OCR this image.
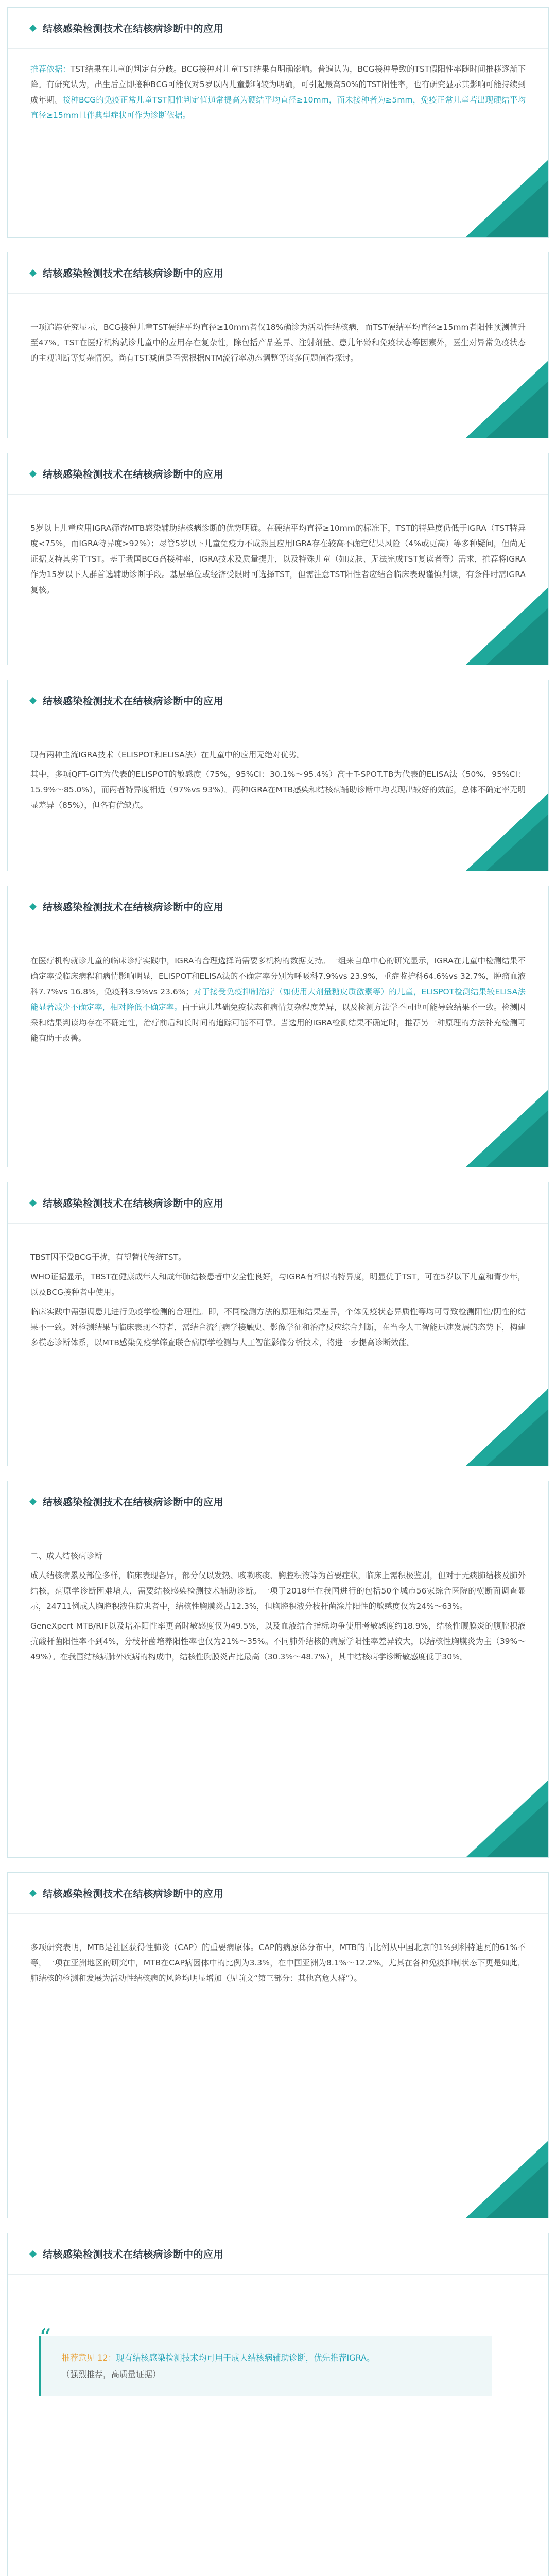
结核感染检测技术在结核病诊断中的应用

推荐依据：TST结果在儿童的判定有分歧。BCG接种对儿童TST结果有明确影响。普遍认为，BCG接种导致的TST假阳性率随时间推移逐渐下降。有研究认为，出生后立即接种BCG可能仅对5岁以内儿童影响较为明确，可引起最高50%的TST阳性率，也有研究显示其影响可能持续到成年期。接种BCG的免疫正常儿童TST阳性判定值通常提高为硬结平均直径≥10mm，而未接种者为≥5mm，免疫正常儿童若出现硬结平均直径≥15mm且伴典型症状可作为诊断依据。

结核感染检测技术在结核病诊断中的应用

一项追踪研究显示，BCG接种儿童TST硬结平均直径≥10mm者仅18%确诊为活动性结核病，而TST硬结平均直径≥15mm者阳性预测值升至47%。TST在医疗机构就诊儿童中的应用存在复杂性，除包括产品差异、注射剂量、患儿年龄和免疫状态等因素外，医生对异常免疫状态的主观判断等复杂情况。尚有TST减值是否需根据NTM流行率动态调整等诸多问题值得探讨。

结核感染检测技术在结核病诊断中的应用

5岁以上儿童应用IGRA筛查MTB感染辅助结核病诊断的优势明确。在硬结平均直径≥10mm的标准下，TST的特异度仍低于IGRA（TST特异度<75%，而IGRA特异度>92%）；尽管5岁以下儿童免疫力不成熟且应用IGRA存在较高不确定结果风险（4%或更高）等多种疑问，但尚无证据支持其劣于TST。基于我国BCG高接种率，IGRA技术及质量提升，以及特殊儿童（如皮肤、无法完成TST复读者等）需求，推荐将IGRA作为15岁以下人群首选辅助诊断手段。基层单位或经济受限时可选择TST，但需注意TST阳性者应结合临床表现谨慎判读，有条件时需IGRA复核。

结核感染检测技术在结核病诊断中的应用

现有两种主流IGRA技术（ELISPOT和ELISA法）在儿童中的应用无绝对优劣。

其中，多项QFT-GIT为代表的ELISPOT的敏感度（75%，95%CI：30.1%～95.4%）高于T-SPOT.TB为代表的ELISA法（50%，95%CI：15.9%～85.0%），而两者特异度相近（97%vs 93%）。两种IGRA在MTB感染和结核病辅助诊断中均表现出较好的效能，总体不确定率无明显差异（85%），但各有优缺点。

结核感染检测技术在结核病诊断中的应用

在医疗机构就诊儿童的临床诊疗实践中，IGRA的合理选择尚需要多机构的数据支持。一组来自单中心的研究显示，IGRA在儿童中检测结果不确定率受临床病程和病情影响明显，ELISPOT和ELISA法的不确定率分别为呼吸科7.9%vs 23.9%，重症监护科64.6%vs 32.7%，肿瘤血液科7.7%vs 16.8%，免疫科3.9%vs 23.6%；对于接受免疫抑制治疗（如使用大剂量糖皮质激素等）的儿童，ELISPOT检测结果较ELISA法能显著减少不确定率，相对降低不确定率。由于患儿基础免疫状态和病情复杂程度差异，以及检测方法学不同也可能导致结果不一致。检测因采和结果判读均存在不确定性，治疗前后和长时间的追踪可能不可靠。当选用的IGRA检测结果不确定时，推荐另一种原理的方法补充检测可能有助于改善。

结核感染检测技术在结核病诊断中的应用

TBST因不受BCG干扰，有望替代传统TST。

WHO证据显示，TBST在健康成年人和成年肺结核患者中安全性良好，与IGRA有相似的特异度，明显优于TST，可在5岁以下儿童和青少年，以及BCG接种者中使用。

临床实践中需强调患儿进行免疫学检测的合理性。即，不同检测方法的原理和结果差异，个体免疫状态异质性等均可导致检测阳性/阴性的结果不一致。对检测结果与临床表现不符者，需结合流行病学接触史、影像学征和治疗反应综合判断，在当今人工智能迅速发展的态势下，构建多模态诊断体系，以MTB感染免疫学筛查联合病原学检测与人工智能影像分析技术，将进一步提高诊断效能。

结核感染检测技术在结核病诊断中的应用

二、成人结核病诊断

成人结核病累及部位多样，临床表现各异，部分仅以发热、咳嗽咳痰、胸腔积液等为首要症状，临床上需积极鉴别，但对于无痰肺结核及肺外结核，病原学诊断困难增大，需要结核感染检测技术辅助诊断。一项于2018年在我国进行的包括50个城市56家综合医院的横断面调查显示，24711例成人胸腔积液住院患者中，结核性胸膜炎占12.3%，但胸腔积液分枝杆菌涂片阳性的敏感度仅为24%～63%。

GeneXpert MTB/RIF以及培养阳性率更高时敏感度仅为49.5%，以及血液结合指标均争使用考敏感度约18.9%，结核性腹膜炎的腹腔积液抗酸杆菌阳性率不到4%，分枝杆菌培养阳性率也仅为21%～35%。不同肺外结核的病原学阳性率差异较大，以结核性胸膜炎为主（39%～49%）。在我国结核病肺外疾病的构成中，结核性胸膜炎占比最高（30.3%～48.7%），其中结核病学诊断敏感度低于30%。

结核感染检测技术在结核病诊断中的应用

多项研究表明，MTB是社区获得性肺炎（CAP）的重要病原体。CAP的病原体分布中，MTB的占比例从中国北京的1%到科特迪瓦的61%不等，一项在亚洲地区的研究中，MTB在CAP病因体中的比例为3.3%，在中国亚洲为8.1%～12.2%。尤其在各种免疫抑制状态下更是如此，肺结核的检测和发展为活动性结核病的风险均明显增加（见前文“第三部分：其他高危人群”）。

结核感染检测技术在结核病诊断中的应用
“
推荐意见 12：现有结核感染检测技术均可用于成人结核病辅助诊断，优先推荐IGRA。
（强烈推荐，高质量证据）
